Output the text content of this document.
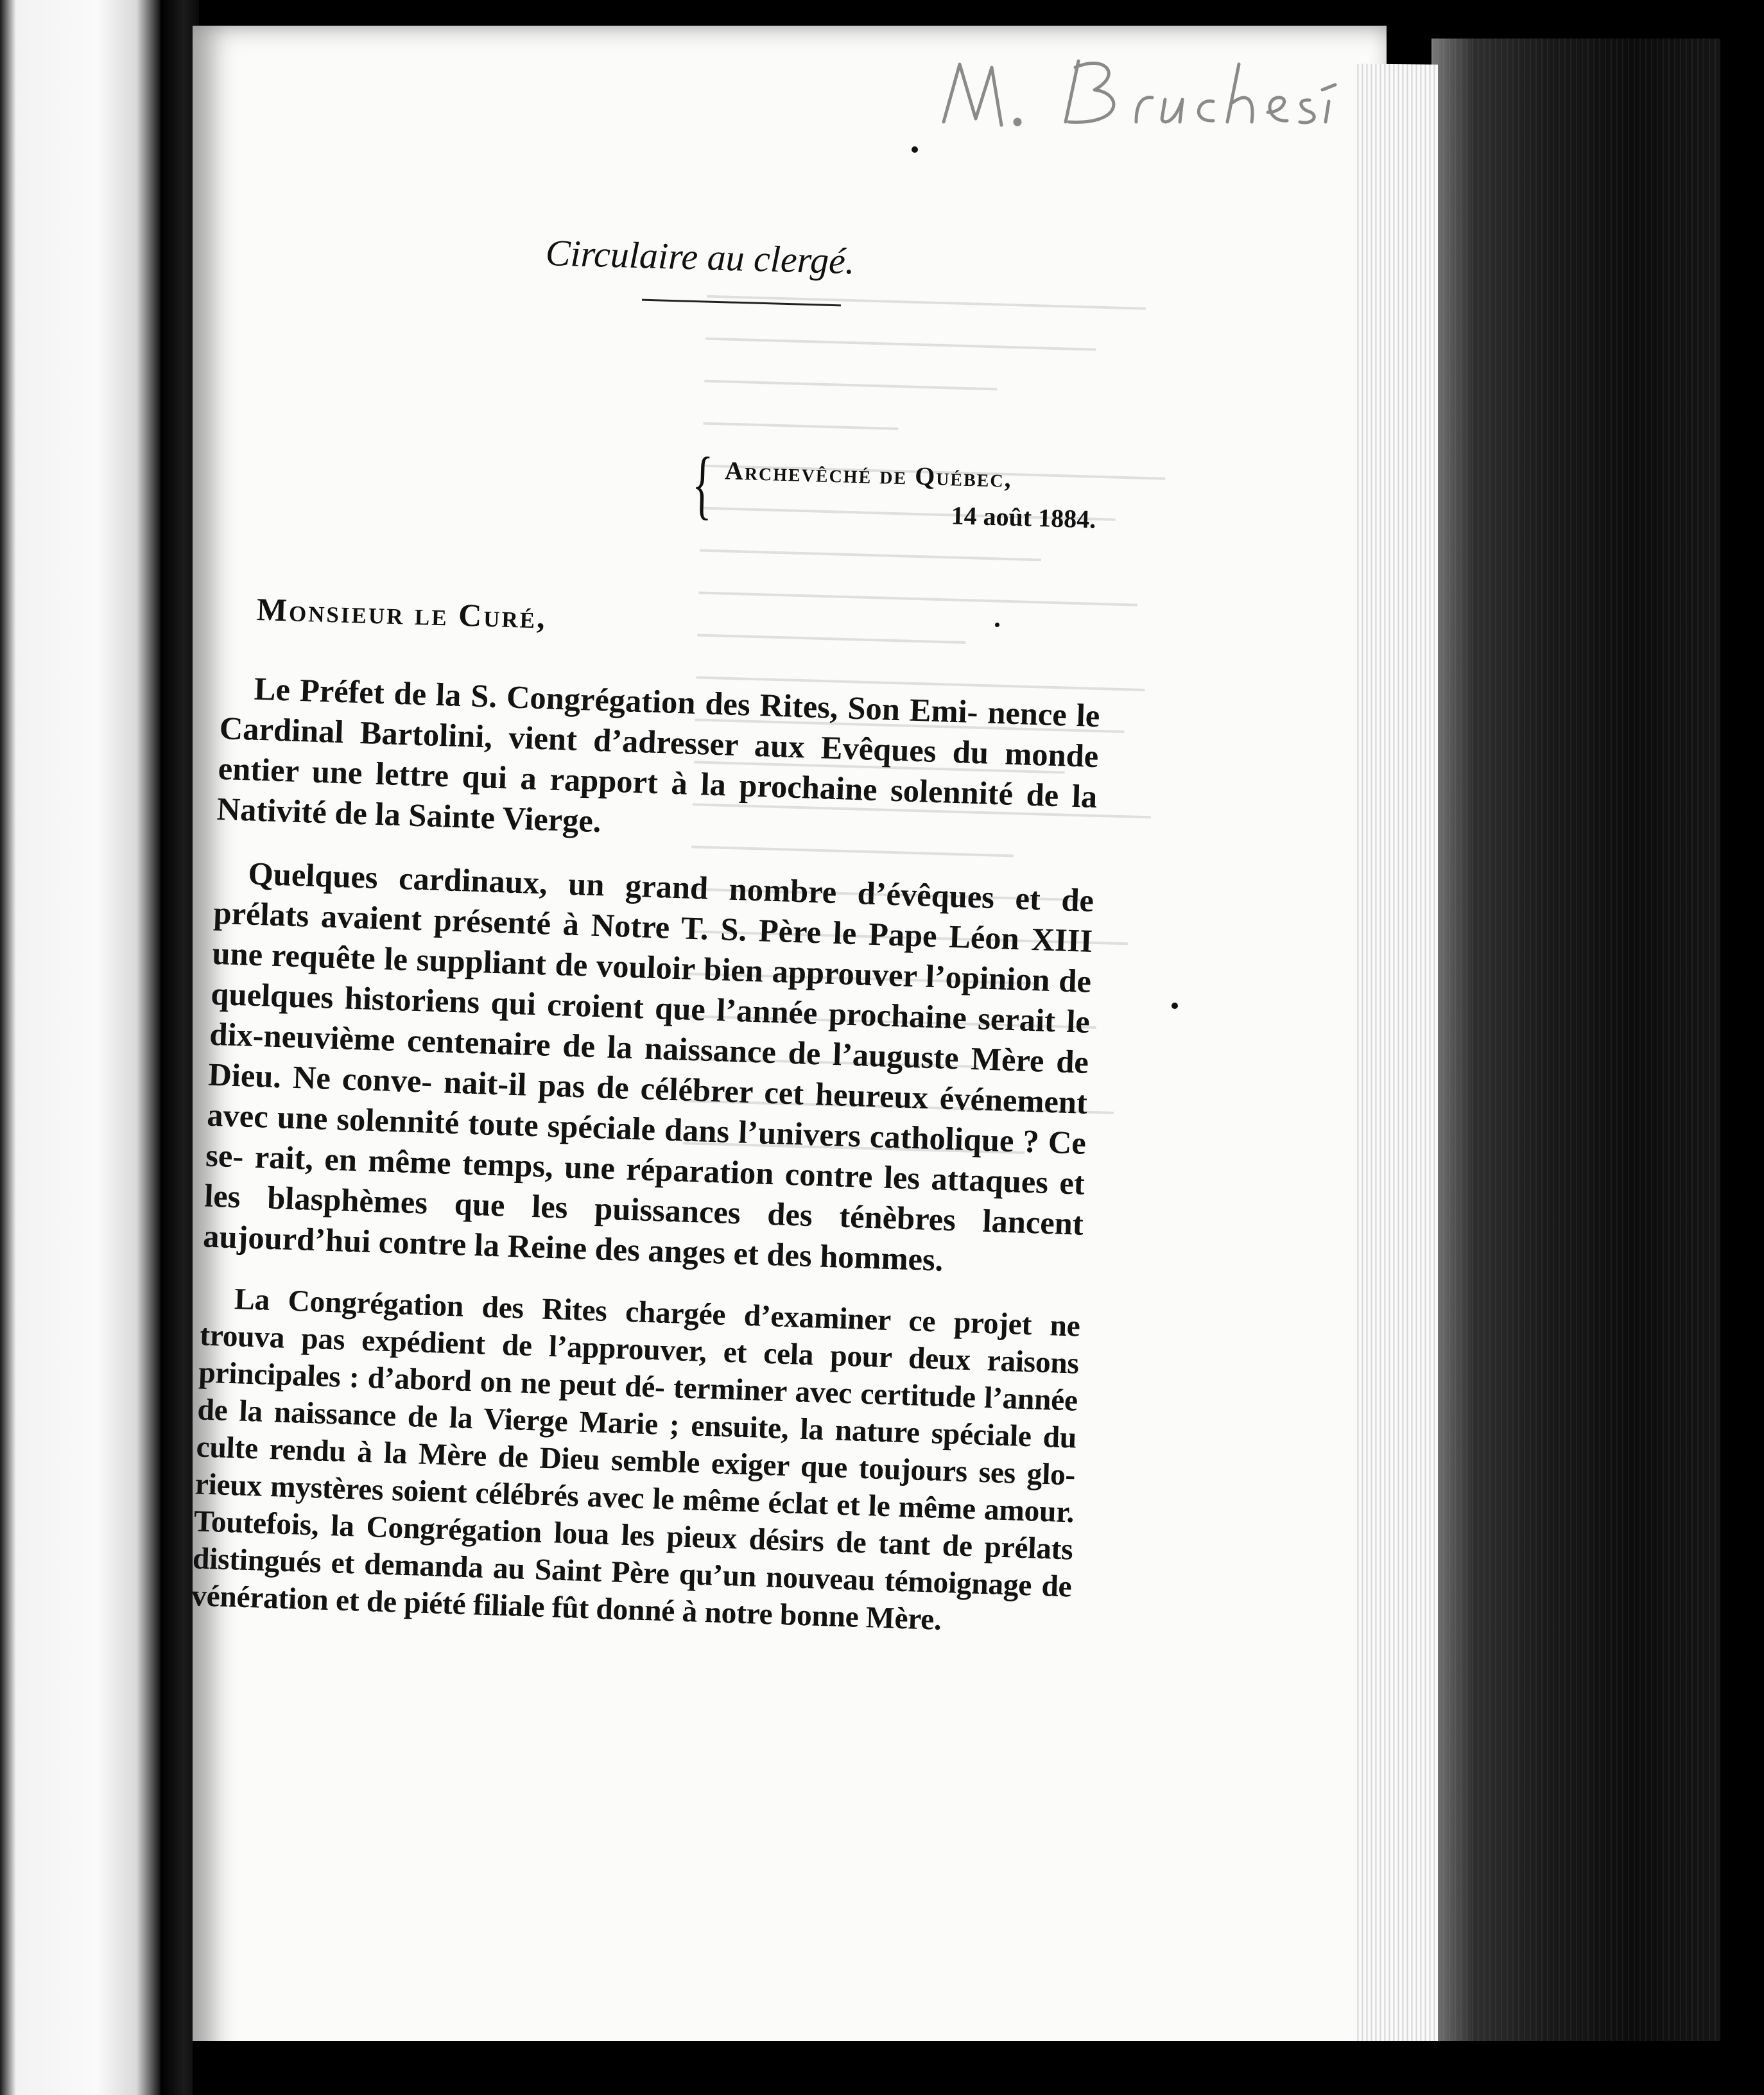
Circulaire au clergé.
{ Archevêché de Québec,
14 août 1884.
Monsieur le Curé,

Le Préfet de la S. Congrégation des Rites, Son Emi- nence le Cardinal Bartolini, vient d’adresser aux Evêques du monde entier une lettre qui a rapport à la prochaine solennité de la Nativité de la Sainte Vierge.

Quelques cardinaux, un grand nombre d’évêques et de prélats avaient présenté à Notre T. S. Père le Pape Léon XIII une requête le suppliant de vouloir bien approuver l’opinion de quelques historiens qui croient que l’année prochaine serait le dix-neuvième centenaire de la naissance de l’auguste Mère de Dieu. Ne conve- nait-il pas de célébrer cet heureux événement avec une solennité toute spéciale dans l’univers catholique ? Ce se- rait, en même temps, une réparation contre les attaques et les blasphèmes que les puissances des ténèbres lancent aujourd’hui contre la Reine des anges et des hommes.

La Congrégation des Rites chargée d’examiner ce projet ne trouva pas expédient de l’approuver, et cela pour deux raisons principales : d’abord on ne peut dé- terminer avec certitude l’année de la naissance de la Vierge Marie ; ensuite, la nature spéciale du culte rendu à la Mère de Dieu semble exiger que toujours ses glo- rieux mystères soient célébrés avec le même éclat et le même amour. Toutefois, la Congrégation loua les pieux désirs de tant de prélats distingués et demanda au Saint Père qu’un nouveau témoignage de vénération et de piété filiale fût donné à notre bonne Mère.
